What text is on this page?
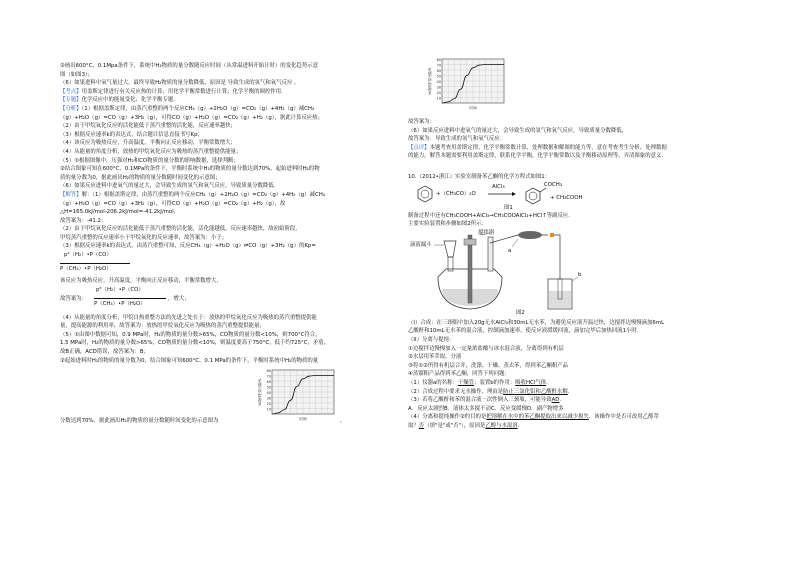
②画出600°C、0.1Mpa条件下，系统中H₂物质的量分数随反应时间（从常温进料开始计时）的变化趋势示意
图（如图3）；
（6）如果进料中氧气量过大，最终导致H₂物质的量分数降低，原因是 导致生成的氢气和氧气反应 。
【考点】用盖斯定律进行有关反应热的计算；用化学平衡常数进行计算；化学平衡的调控作用.
【专题】化学反应中的能量变化；化学平衡专题.
【分析】（1）根据盖斯定律，由蒸汽重整的两个反应CH₄（g）+2H₂O（g）=CO₂（g）+4H₂（g）减CH₄
（g）+H₂O（g）=CO（g）+3H₂（g），可得CO（g）+H₂O（g）=CO₂（g）+H₂（g），据此计算反应热；
（2）由于甲烷氧化反应的活化能低于蒸汽重整的活化能，反应速率越快；
（3）根据反应速率k的表达式，结合题目信息直接书写Kp；
（4）该反应为吸热反应，升高温度，平衡向正反应移动，平衡常数增大；
（4）从能量的角度分析，放热的甲烷氧化反应为吸热的蒸汽重整提供能量；
（5）①根据图像中，压强对H₂和CO物质的量分数的影响数据，选择判断；
②结合图象可知在600°C、0.1MPa的条件下，平衡时系统中H₂的物质的量分数达到70%，起始进料时H₂的物
质的量分数为0，据此画出H₂的物质的量分数随时间变化的示意图；
（6）如果反应进料中进氧气的量过大，会导致生成的氢气和氧气反应，导致质量分数降低.
【解答】解：（1）根据盖斯定律，由蒸汽重整的两个反应CH₄（g）+2H₂O（g）=CO₂（g）+4H₂（g）减CH₄
（g）+H₂O（g）=CO（g）+3H₂（g），可得CO（g）+H₂O（g）=CO₂（g）+H₂（g），故
△H=165.0kJ/mol-206.2kJ/mol=-41.2kJ/mol，
故答案为：-41.2；
（2）由于甲烷氧化反应的活化能低于蒸汽重整的活化能，活化能越低，反应速率越快，故初始阶段，
甲烷蒸汽重整的反应速率小于甲烷氧化的反应速率，故答案为：小于；
（3）根据反应速率k的表达式，由蒸汽重整可知，反应CH₄（g）+H₂O（g）⇌CO（g）+3H₂（g）的Kp=
p³（H₂）•P（CO）
P（CH₄）•P（H₂O）
该反应为吸热反应，升高温度，平衡向正反应移动，平衡常数增大，
故答案为：
p³（H₂）•P（CO）
P（CH₄）•P（H₂O）
，增大；
（4）从能量的角度分析，甲烷自热重整方法的先进之处在于：放热的甲烷氧化反应为吸热的蒸汽重整提供能
量，提高能源的利用率，故答案为：放热的甲烷氧化反应为吸热的蒸汽重整提供能量；
（5）①由图中数据可知，0.9 MPa时，H₂的物质的量分数>65%，CO物质的量分数<10%，则700°C符合，
1.5 MPa时，H₂的物质的量分数>65%，CO物质的量分数<10%，则温度要高于750°C，低于约725°C，矛盾，
故B正确，ACD错误，故答案为：B；
②起始进料时H₂的物质的量分数为0，结合图象可知600°C、0.1 MPa的条件下，平衡时系统中H₂的物质的量
80
70
60
50
40
30
20
10
H₂物质的量分数/%
时间
分数达到70%，据此画出H₂的物质的量分数随时间变化的示意图为	，
80
70
60
50
40
30
20
10
H₂物质的量分数/%
时间
故答案为：
（6）如果反应进料中进氧气的量过大，会导致生成的氢气和氧气反应，导致质量分数降低，
故答案为：导致生成的氢气和氧气反应.
【点评】本题考查用盖斯定律、化学平衡常数计算、处理数据和解图的能力等，意在考查考生分析、处理数据
的能力，解答本题需要利用盖斯定律，联系化学平衡，化学平衡常数以及平衡移动原理等，弄清图象的意义.
10.（2012•浙江）实验室制备苯乙酮的化学方程式如图1：
+（CH₃CO）₂O
AlCl₃	COCH₃
+ CH₃COOH
图1
制备过程中还有CH₃COOH+AlCl₃→CH₃COOAlCl₂+HCl↑等副反应.
主要实验装置和步骤如图2所示：
滴液漏斗
搅拌器
a
b
图2
（I）合成：在三颈瓶中加入20g无水AlCl₃和30mL无水苯，为避免反应液升温过快，边搅拌边慢慢滴加6mL
乙酸酐和10mL无水苯的混合液，控制滴加速率，使反应液缓缓回流，滴加完毕后加热回流1小时.
（II）分离与提纯：
①边搅拌边慢慢加入一定量浓盐酸与冰水混合液，分离得到有机层
②水层用苯萃取，分液
③将①②所得有机层合并，洗涤、干燥、蒸去苯，得到苯乙酮粗产品
④蒸馏粗产品得到苯乙酮，回答下列问题：
（1）仪器a的名称：干燥管；装置b的作用：吸收HCl气体.
（2）合成过程中要求无水操作，理由是防止三氯化铝和乙酸酐水解.
（3）若将乙酸酐和苯的混合液一次性倒入三颈瓶，可能导致AD.
A．反应太剧烈B．液体太多搅不动C．反应变缓慢D．副产物增多
（4）分离和提纯操作②的目的是把溶解在水中的苯乙酮提取出来以减少损失．该操作中是否可改用乙醇萃
取？否（填"是"或"否"），原因是乙醇与水混溶.
